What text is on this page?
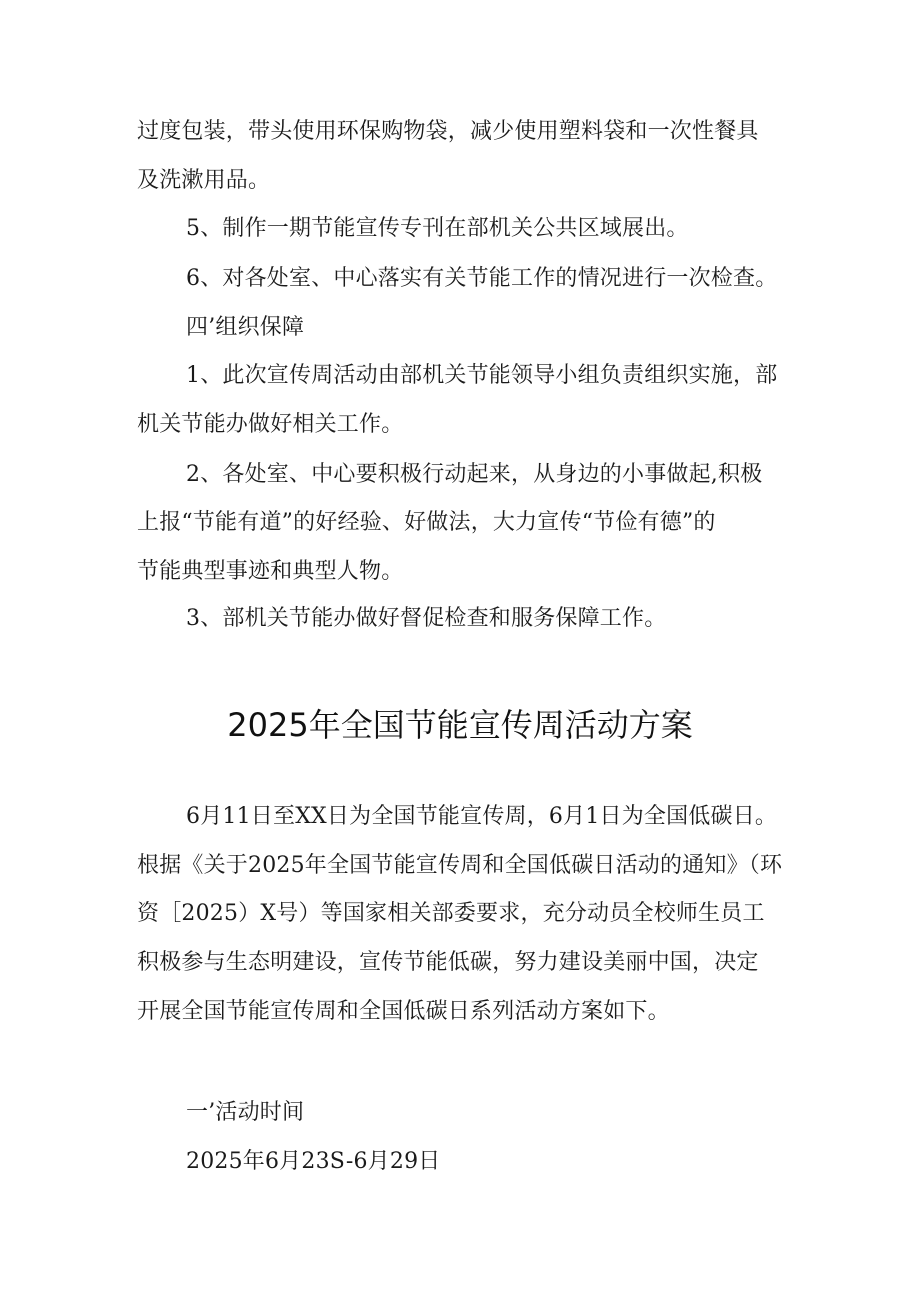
过度包装，带头使用环保购物袋，减少使用塑料袋和一次性餐具
及洗漱用品。
5、制作一期节能宣传专刊在部机关公共区域展出。
6、对各处室、中心落实有关节能工作的情况进行一次检查。
四’组织保障
1、此次宣传周活动由部机关节能领导小组负责组织实施，部
机关节能办做好相关工作。
2、各处室、中心要积极行动起来，从身边的小事做起,积极
上报“节能有道”的好经验、好做法，大力宣传“节俭有德”的
节能典型事迹和典型人物。
3、部机关节能办做好督促检查和服务保障工作。
2025年全国节能宣传周活动方案
6月11日至XX日为全国节能宣传周，6月1日为全国低碳日。
根据《关于2025年全国节能宣传周和全国低碳日活动的通知》（环
资［2025）X号）等国家相关部委要求，充分动员全校师生员工
积极参与生态明建设，宣传节能低碳，努力建设美丽中国，决定
开展全国节能宣传周和全国低碳日系列活动方案如下。
一’活动时间
2025年6月23S-6月29日
